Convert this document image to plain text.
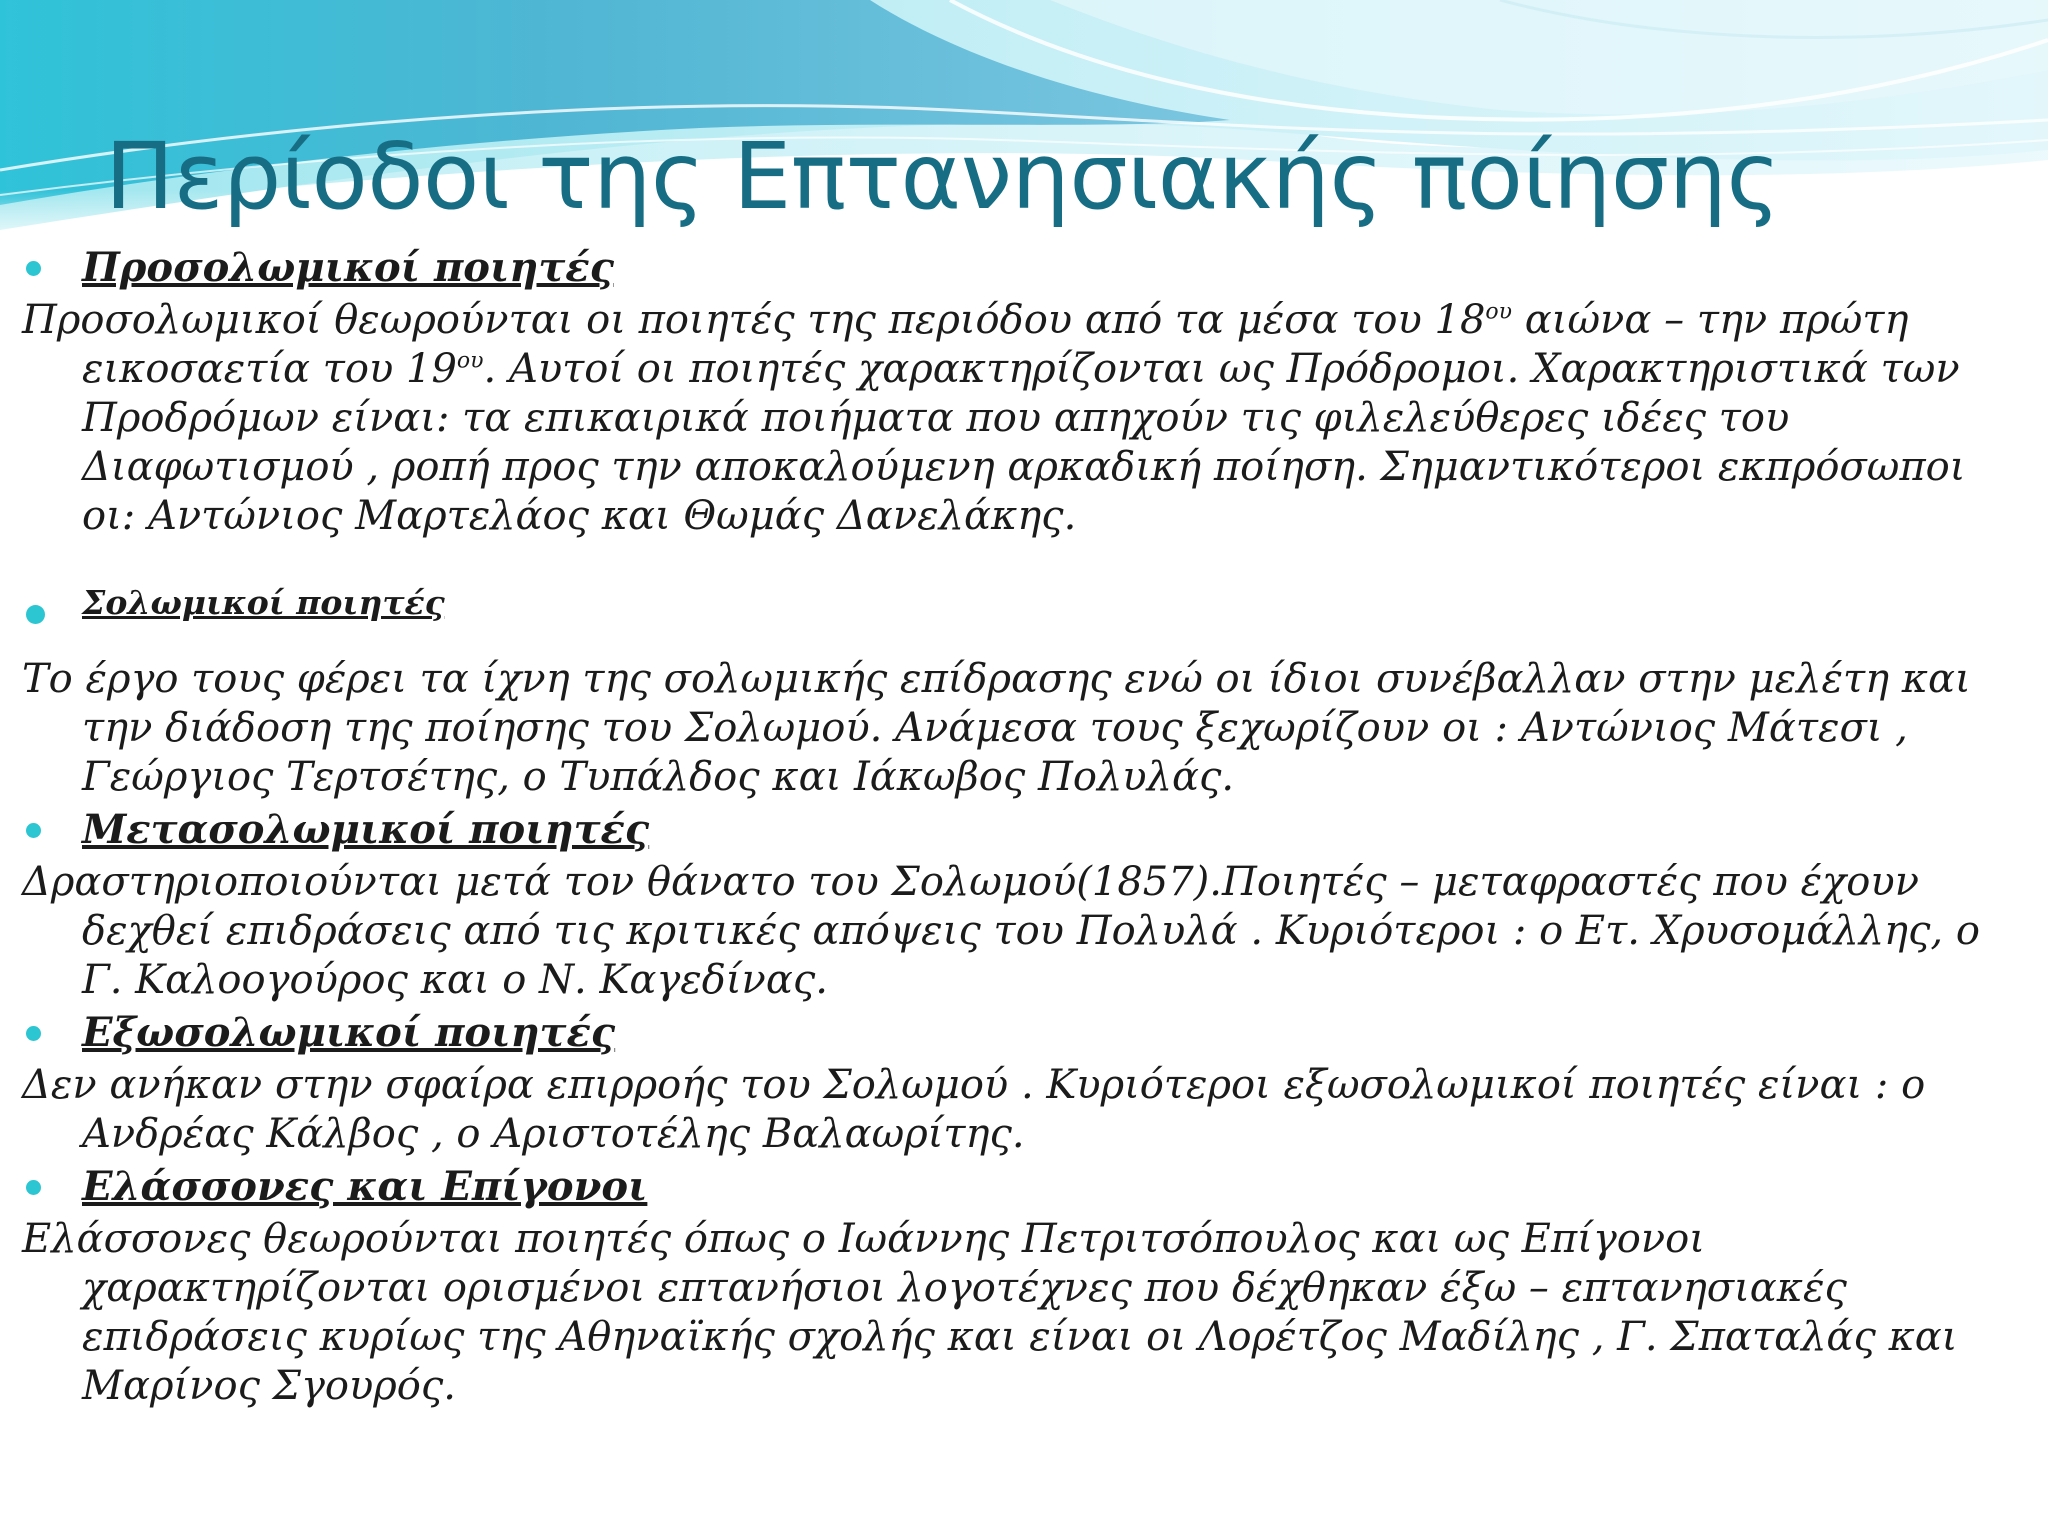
Περίοδοι της Επτανησιακής ποίησης
Προσολωμικοί ποιητές

Προσολωμικοί θεωρούνται οι ποιητές της περιόδου από τα μέσα του $18^{o\upsilon}$ αιώνα – την πρώτη εικοσαετία του $19^{o\upsilon}$. Αυτοί οι ποιητές χαρακτηρίζονται ως Πρόδρομοι. Χαρακτηριστικά των Προδρόμων είναι: τα επικαιρικά ποιήματα που απηχούν τις φιλελεύθερες ιδέες του Διαφωτισμού , ροπή προς την αποκαλούμενη αρκαδική ποίηση. Σημαντικότεροι εκπρόσωποι οι: Αντώνιος Μαρτελάος και Θωμάς Δανελάκης.

Σολωμικοί ποιητές

Το έργο τους φέρει τα ίχνη της σολωμικής επίδρασης ενώ οι ίδιοι συνέβαλλαν στην μελέτη και την διάδοση της ποίησης του Σολωμού. Ανάμεσα τους ξεχωρίζουν οι : Αντώνιος Μάτεσι , Γεώργιος Τερτσέτης, ο Τυπάλδος και Ιάκωβος Πολυλάς.

Μετασολωμικοί ποιητές

Δραστηριοποιούνται μετά τον θάνατο του Σολωμού(1857).Ποιητές – μεταφραστές που έχουν δεχθεί επιδράσεις από τις κριτικές απόψεις του Πολυλά . Κυριότεροι : ο Ετ. Χρυσομάλλης, ο Γ. Καλοογούρος και ο Ν. Καγεδίνας.

Εξωσολωμικοί ποιητές

Δεν ανήκαν στην σφαίρα επιρροής του Σολωμού . Κυριότεροι εξωσολωμικοί ποιητές είναι : ο Ανδρέας Κάλβος , ο Αριστοτέλης Βαλαωρίτης.

Ελάσσονες και Επίγονοι

Ελάσσονες θεωρούνται ποιητές όπως ο Ιωάννης Πετριτσόπουλος και ως Επίγονοι χαρακτηρίζονται ορισμένοι επτανήσιοι λογοτέχνες που δέχθηκαν έξω – επτανησιακές επιδράσεις κυρίως της Αθηναϊκής σχολής και είναι οι Λορέτζος Μαδίλης , Γ. Σπαταλάς και Μαρίνος Σγουρός.
